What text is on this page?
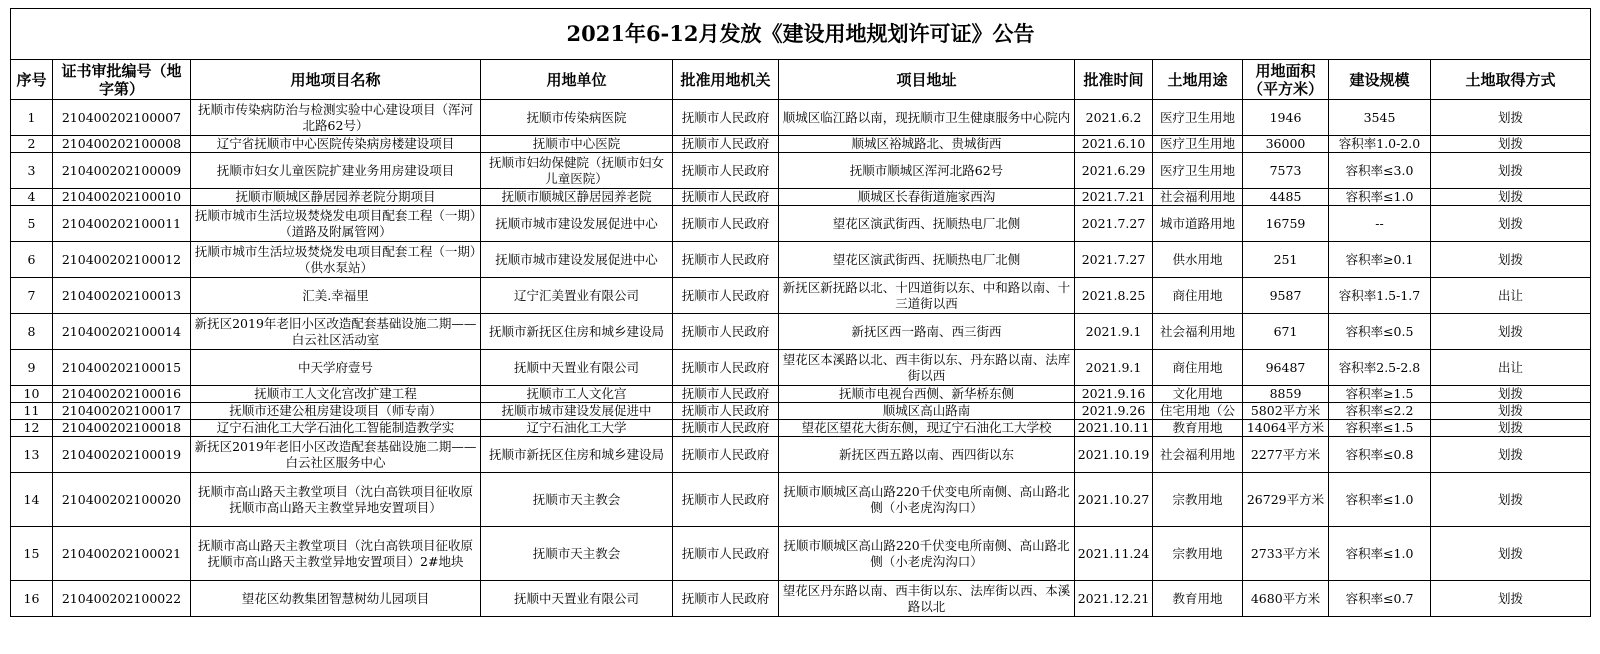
2021年6-12月发放《建设用地规划许可证》公告										
序号	证书审批编号（地字第）	用地项目名称	用地单位	批准用地机关	项目地址	批准时间	土地用途	用地面积（平方米）	建设规模	土地取得方式
1	210400202100007	抚顺市传染病防治与检测实验中心建设项目（浑河北路62号）	抚顺市传染病医院	抚顺市人民政府	顺城区临江路以南，现抚顺市卫生健康服务中心院内	2021.6.2	医疗卫生用地	1946	3545	划拨
2	210400202100008	辽宁省抚顺市中心医院传染病房楼建设项目	抚顺市中心医院	抚顺市人民政府	顺城区裕城路北、贵城街西	2021.6.10	医疗卫生用地	36000	容积率1.0-2.0	划拨
3	210400202100009	抚顺市妇女儿童医院扩建业务用房建设项目	抚顺市妇幼保健院（抚顺市妇女儿童医院）	抚顺市人民政府	抚顺市顺城区浑河北路62号	2021.6.29	医疗卫生用地	7573	容积率≤3.0	划拨
4	210400202100010	抚顺市顺城区静居园养老院分期项目	抚顺市顺城区静居园养老院	抚顺市人民政府	顺城区长春街道施家西沟	2021.7.21	社会福利用地	4485	容积率≤1.0	划拨
5	210400202100011	抚顺市城市生活垃圾焚烧发电项目配套工程（一期）（道路及附属管网）	抚顺市城市建设发展促进中心	抚顺市人民政府	望花区演武街西、抚顺热电厂北侧	2021.7.27	城市道路用地	16759	--	划拨
6	210400202100012	抚顺市城市生活垃圾焚烧发电项目配套工程（一期）（供水泵站）	抚顺市城市建设发展促进中心	抚顺市人民政府	望花区演武街西、抚顺热电厂北侧	2021.7.27	供水用地	251	容积率≥0.1	划拨
7	210400202100013	汇美.幸福里	辽宁汇美置业有限公司	抚顺市人民政府	新抚区新抚路以北、十四道街以东、中和路以南、十三道街以西	2021.8.25	商住用地	9587	容积率1.5-1.7	出让
8	210400202100014	新抚区2019年老旧小区改造配套基础设施二期——白云社区活动室	抚顺市新抚区住房和城乡建设局	抚顺市人民政府	新抚区西一路南、西三街西	2021.9.1	社会福利用地	671	容积率≤0.5	划拨
9	210400202100015	中天学府壹号	抚顺中天置业有限公司	抚顺市人民政府	望花区本溪路以北、西丰街以东、丹东路以南、法库街以西	2021.9.1	商住用地	96487	容积率2.5-2.8	出让
10	210400202100016	抚顺市工人文化宫改扩建工程	抚顺市工人文化宫	抚顺市人民政府	抚顺市电视台西侧、新华桥东侧	2021.9.16	文化用地	8859	容积率≥1.5	划拨
11	210400202100017	抚顺市还建公租房建设项目（师专南）	抚顺市城市建设发展促进中	抚顺市人民政府	顺城区高山路南	2021.9.26	住宅用地（公	5802平方米	容积率≤2.2	划拨
12	210400202100018	辽宁石油化工大学石油化工智能制造教学实	辽宁石油化工大学	抚顺市人民政府	望花区望花大街东侧，现辽宁石油化工大学校	2021.10.11	教育用地	14064平方米	容积率≤1.5	划拨
13	210400202100019	新抚区2019年老旧小区改造配套基础设施二期——白云社区服务中心	抚顺市新抚区住房和城乡建设局	抚顺市人民政府	新抚区西五路以南、西四街以东	2021.10.19	社会福利用地	2277平方米	容积率≤0.8	划拨
14	210400202100020	抚顺市高山路天主教堂项目（沈白高铁项目征收原抚顺市高山路天主教堂异地安置项目）	抚顺市天主教会	抚顺市人民政府	抚顺市顺城区高山路220千伏变电所南侧、高山路北侧（小老虎沟沟口）	2021.10.27	宗教用地	26729平方米	容积率≤1.0	划拨
15	210400202100021	抚顺市高山路天主教堂项目（沈白高铁项目征收原抚顺市高山路天主教堂异地安置项目）2#地块	抚顺市天主教会	抚顺市人民政府	抚顺市顺城区高山路220千伏变电所南侧、高山路北侧（小老虎沟沟口）	2021.11.24	宗教用地	2733平方米	容积率≤1.0	划拨
16	210400202100022	望花区幼教集团智慧树幼儿园项目	抚顺中天置业有限公司	抚顺市人民政府	望花区丹东路以南、西丰街以东、法库街以西、本溪路以北	2021.12.21	教育用地	4680平方米	容积率≤0.7	划拨
